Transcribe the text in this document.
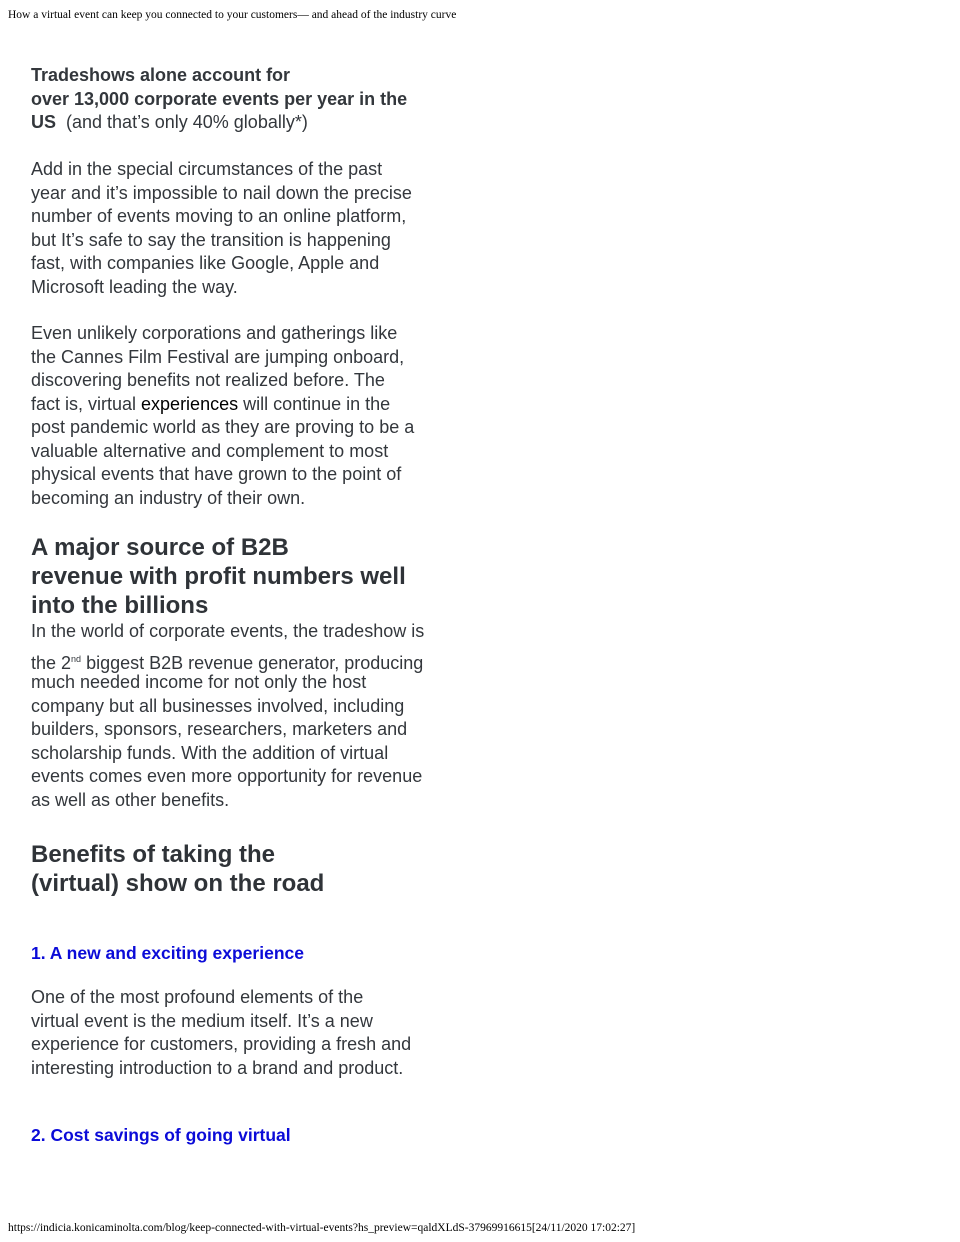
How a virtual event can keep you connected to your customers— and ahead of the industry curve
Tradeshows alone account for
over 13,000 corporate events per year in the
US  (and that’s only 40% globally*)
Add in the special circumstances of the past
year and it’s impossible to nail down the precise
number of events moving to an online platform,
but It’s safe to say the transition is happening
fast, with companies like Google, Apple and
Microsoft leading the way.
Even unlikely corporations and gatherings like
the Cannes Film Festival are jumping onboard,
discovering benefits not realized before. The
fact is, virtual experiences will continue in the
post pandemic world as they are proving to be a
valuable alternative and complement to most
physical events that have grown to the point of
becoming an industry of their own.
A major source of B2B
revenue with profit numbers well
into the billions
In the world of corporate events, the tradeshow is
the 2nd biggest B2B revenue generator, producing
much needed income for not only the host
company but all businesses involved, including
builders, sponsors, researchers, marketers and
scholarship funds. With the addition of virtual
events comes even more opportunity for revenue
as well as other benefits.
Benefits of taking the
(virtual) show on the road
1. A new and exciting experience
One of the most profound elements of the
virtual event is the medium itself. It’s a new
experience for customers, providing a fresh and
interesting introduction to a brand and product.
2. Cost savings of going virtual
https://indicia.konicaminolta.com/blog/keep-connected-with-virtual-events?hs_preview=qaldXLdS-37969916615[24/11/2020 17:02:27]
